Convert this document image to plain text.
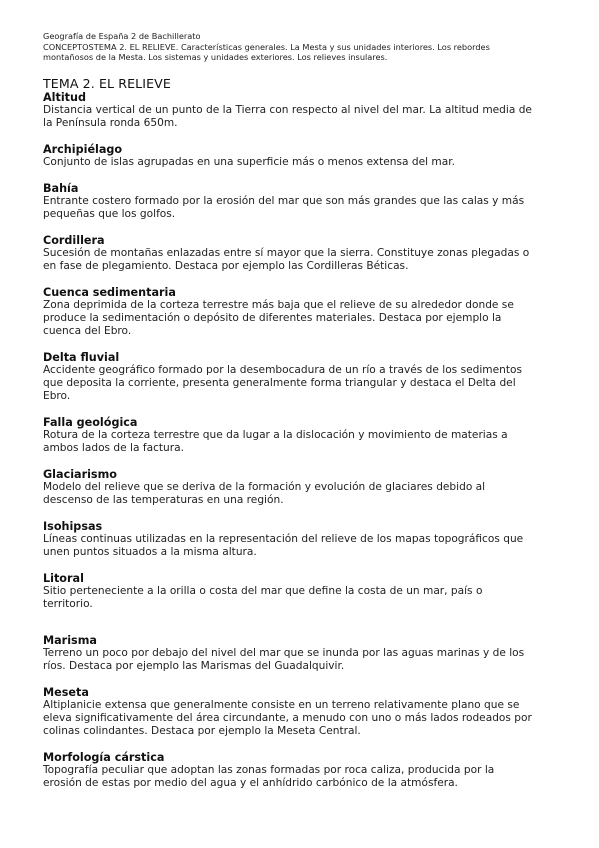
Geografía de España 2 de Bachillerato
CONCEPTOSTEMA 2. EL RELIEVE. Características generales. La Mesta y sus unidades interiores. Los rebordes
montañosos de la Mesta. Los sistemas y unidades exteriores. Los relieves insulares.
TEMA 2. EL RELIEVE
Altitud
Distancia vertical de un punto de la Tierra con respecto al nivel del mar. La altitud media de
la Península ronda 650m.
Archipiélago
Conjunto de islas agrupadas en una superficie más o menos extensa del mar.
Bahía
Entrante costero formado por la erosión del mar que son más grandes que las calas y más
pequeñas que los golfos.
Cordillera
Sucesión de montañas enlazadas entre sí mayor que la sierra. Constituye zonas plegadas o
en fase de plegamiento. Destaca por ejemplo las Cordilleras Béticas.
Cuenca sedimentaria
Zona deprimida de la corteza terrestre más baja que el relieve de su alrededor donde se
produce la sedimentación o depósito de diferentes materiales. Destaca por ejemplo la
cuenca del Ebro.
Delta fluvial
Accidente geográfico formado por la desembocadura de un río a través de los sedimentos
que deposita la corriente, presenta generalmente forma triangular y destaca el Delta del
Ebro.
Falla geológica
Rotura de la corteza terrestre que da lugar a la dislocación y movimiento de materias a
ambos lados de la factura.
Glaciarismo
Modelo del relieve que se deriva de la formación y evolución de glaciares debido al
descenso de las temperaturas en una región.
Isohipsas
Líneas continuas utilizadas en la representación del relieve de los mapas topográficos que
unen puntos situados a la misma altura.
Litoral
Sitio perteneciente a la orilla o costa del mar que define la costa de un mar, país o
territorio.
Marisma
Terreno un poco por debajo del nivel del mar que se inunda por las aguas marinas y de los
ríos. Destaca por ejemplo las Marismas del Guadalquivir.
Meseta
Altiplanicie extensa que generalmente consiste en un terreno relativamente plano que se
eleva significativamente del área circundante, a menudo con uno o más lados rodeados por
colinas colindantes. Destaca por ejemplo la Meseta Central.
Morfología cárstica
Topografía peculiar que adoptan las zonas formadas por roca caliza, producida por la
erosión de estas por medio del agua y el anhídrido carbónico de la atmósfera.
